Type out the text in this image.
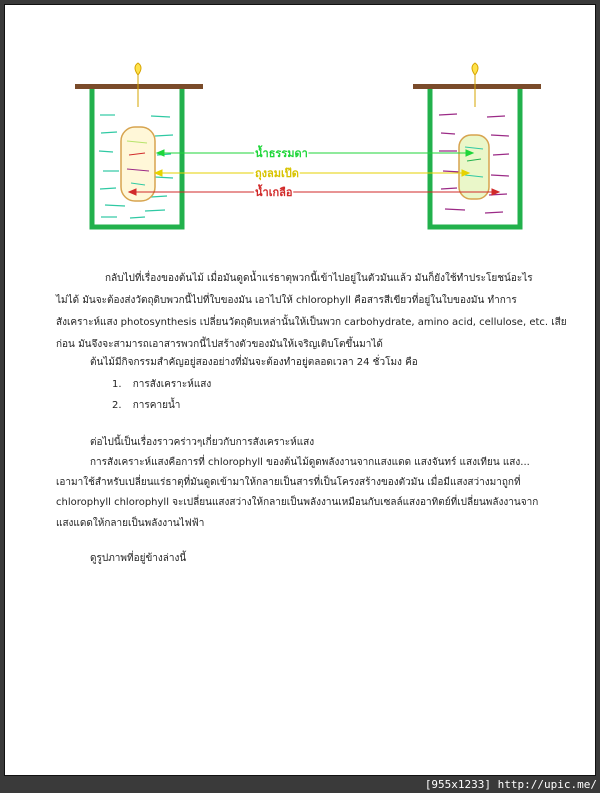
น้ำธรรมดา
ถุงลมเป๊ด
น้ำเกลือ
กลับไปที่เรื่องของต้นไม้ เมื่อมันดูดน้ำแร่ธาตุพวกนี้เข้าไปอยู่ในตัวมันแล้ว มันก็ยังใช้ทำประโยชน์อะไร
ไม่ได้ มันจะต้องส่งวัตถุดิบพวกนี้ไปที่ใบของมัน เอาไปให้ chlorophyll คือสารสีเขียวที่อยู่ในใบของมัน ทำการ
สังเคราะห์แสง photosynthesis เปลี่ยนวัตถุดิบเหล่านั้นให้เป็นพวก carbohydrate, amino acid, cellulose, etc. เสีย
ก่อน มันจึงจะสามารถเอาสารพวกนี้ไปสร้างตัวของมันให้เจริญเติบโตขึ้นมาได้
ต้นไม้มีกิจกรรมสำคัญอยู่สองอย่างที่มันจะต้องทำอยู่ตลอดเวลา 24 ชั่วโมง คือ
1. การสังเคราะห์แสง
2. การคายน้ำ
ต่อไปนี้เป็นเรื่องราวคร่าวๆเกี่ยวกับการสังเคราะห์แสง
การสังเคราะห์แสงคือการที่ chlorophyll ของต้นไม้ดูดพลังงานจากแสงแดด แสงจันทร์ แสงเทียน แสง...
เอามาใช้สำหรับเปลี่ยนแร่ธาตุที่มันดูดเข้ามาให้กลายเป็นสารที่เป็นโครงสร้างของตัวมัน เมื่อมีแสงสว่างมาถูกที่
chlorophyll chlorophyll จะเปลี่ยนแสงสว่างให้กลายเป็นพลังงานเหมือนกับเซลล์แสงอาทิตย์ที่เปลี่ยนพลังงานจาก
แสงแดดให้กลายเป็นพลังงานไฟฟ้า
ดูรูปภาพที่อยู่ข้างล่างนี้
[955x1233] http://upic.me/
